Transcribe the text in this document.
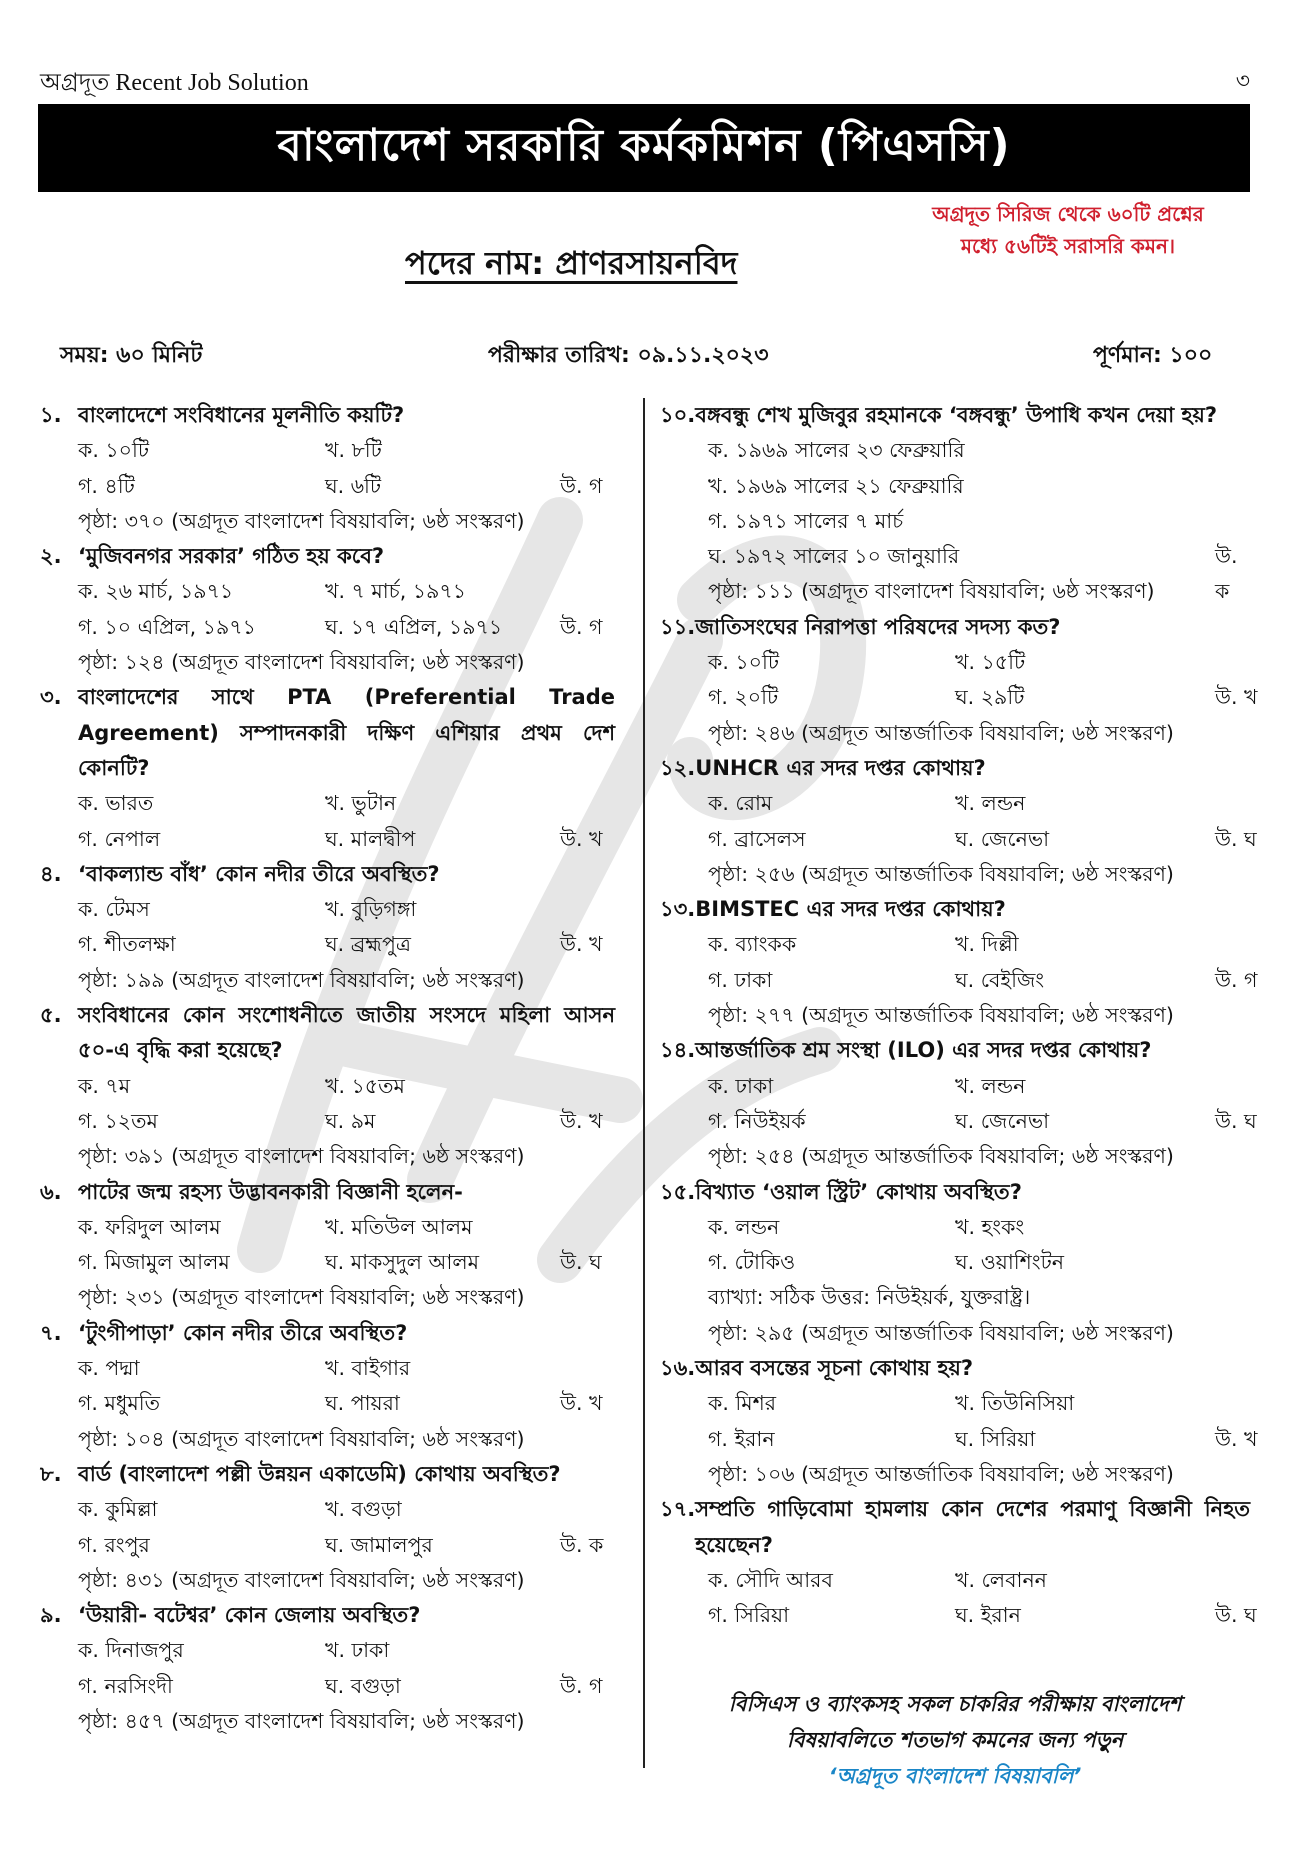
অগ্রদূত Recent Job Solution	৩
বাংলাদেশ সরকারি কর্মকমিশন (পিএসসি)
অগ্রদূত সিরিজ থেকে ৬০টি প্রশ্নের
মধ্যে ৫৬টিই সরাসরি কমন।
পদের নাম: প্রাণরসায়নবিদ
সময়: ৬০ মিনিট	পরীক্ষার তারিখ: ০৯.১১.২০২৩	পূর্ণমান: ১০০
১. বাংলাদেশে সংবিধানের মূলনীতি কয়টি?
ক. ১০টি	খ. ৮টি
গ. ৪টি	ঘ. ৬টি	উ. গ
পৃষ্ঠা: ৩৭০ (অগ্রদূত বাংলাদেশ বিষয়াবলি; ৬ষ্ঠ সংস্করণ)
২. ‘মুজিবনগর সরকার’ গঠিত হয় কবে?
ক. ২৬ মার্চ, ১৯৭১	খ. ৭ মার্চ, ১৯৭১
গ. ১০ এপ্রিল, ১৯৭১	ঘ. ১৭ এপ্রিল, ১৯৭১	উ. গ
পৃষ্ঠা: ১২৪ (অগ্রদূত বাংলাদেশ বিষয়াবলি; ৬ষ্ঠ সংস্করণ)
৩. বাংলাদেশের সাথে PTA (Preferential Trade Agreement) সম্পাদনকারী দক্ষিণ এশিয়ার প্রথম দেশ কোনটি?
ক. ভারত	খ. ভুটান
গ. নেপাল	ঘ. মালদ্বীপ	উ. খ
৪. ‘বাকল্যান্ড বাঁধ’ কোন নদীর তীরে অবস্থিত?
ক. টেমস	খ. বুড়িগঙ্গা
গ. শীতলক্ষা	ঘ. ব্রহ্মপুত্র	উ. খ
পৃষ্ঠা: ১৯৯ (অগ্রদূত বাংলাদেশ বিষয়াবলি; ৬ষ্ঠ সংস্করণ)
৫. সংবিধানের কোন সংশোধনীতে জাতীয় সংসদে মহিলা আসন ৫০-এ বৃদ্ধি করা হয়েছে?
ক. ৭ম	খ. ১৫তম
গ. ১২তম	ঘ. ৯ম	উ. খ
পৃষ্ঠা: ৩৯১ (অগ্রদূত বাংলাদেশ বিষয়াবলি; ৬ষ্ঠ সংস্করণ)
৬. পাটের জন্ম রহস্য উদ্ভাবনকারী বিজ্ঞানী হলেন-
ক. ফরিদুল আলম	খ. মতিউল আলম
গ. মিজামুল আলম	ঘ. মাকসুদুল আলম	উ. ঘ
পৃষ্ঠা: ২৩১ (অগ্রদূত বাংলাদেশ বিষয়াবলি; ৬ষ্ঠ সংস্করণ)
৭. ‘টুংগীপাড়া’ কোন নদীর তীরে অবস্থিত?
ক. পদ্মা	খ. বাইগার
গ. মধুমতি	ঘ. পায়রা	উ. খ
পৃষ্ঠা: ১০৪ (অগ্রদূত বাংলাদেশ বিষয়াবলি; ৬ষ্ঠ সংস্করণ)
৮. বার্ড (বাংলাদেশ পল্লী উন্নয়ন একাডেমি) কোথায় অবস্থিত?
ক. কুমিল্লা	খ. বগুড়া
গ. রংপুর	ঘ. জামালপুর	উ. ক
পৃষ্ঠা: ৪৩১ (অগ্রদূত বাংলাদেশ বিষয়াবলি; ৬ষ্ঠ সংস্করণ)
৯. ‘উয়ারী- বটেশ্বর’ কোন জেলায় অবস্থিত?
ক. দিনাজপুর	খ. ঢাকা
গ. নরসিংদী	ঘ. বগুড়া	উ. গ
পৃষ্ঠা: ৪৫৭ (অগ্রদূত বাংলাদেশ বিষয়াবলি; ৬ষ্ঠ সংস্করণ)
১০. বঙ্গবন্ধু শেখ মুজিবুর রহমানকে ‘বঙ্গবন্ধু’ উপাধি কখন দেয়া হয়?
ক. ১৯৬৯ সালের ২৩ ফেব্রুয়ারি
খ. ১৯৬৯ সালের ২১ ফেব্রুয়ারি
গ. ১৯৭১ সালের ৭ মার্চ
ঘ. ১৯৭২ সালের ১০ জানুয়ারি	উ. ক
পৃষ্ঠা: ১১১ (অগ্রদূত বাংলাদেশ বিষয়াবলি; ৬ষ্ঠ সংস্করণ)
১১. জাতিসংঘের নিরাপত্তা পরিষদের সদস্য কত?
ক. ১০টি	খ. ১৫টি
গ. ২০টি	ঘ. ২৯টি	উ. খ
পৃষ্ঠা: ২৪৬ (অগ্রদূত আন্তর্জাতিক বিষয়াবলি; ৬ষ্ঠ সংস্করণ)
১২. UNHCR এর সদর দপ্তর কোথায়?
ক. রোম	খ. লন্ডন
গ. ব্রাসেলস	ঘ. জেনেভা	উ. ঘ
পৃষ্ঠা: ২৫৬ (অগ্রদূত আন্তর্জাতিক বিষয়াবলি; ৬ষ্ঠ সংস্করণ)
১৩. BIMSTEC এর সদর দপ্তর কোথায়?
ক. ব্যাংকক	খ. দিল্লী
গ. ঢাকা	ঘ. বেইজিং	উ. গ
পৃষ্ঠা: ২৭৭ (অগ্রদূত আন্তর্জাতিক বিষয়াবলি; ৬ষ্ঠ সংস্করণ)
১৪. আন্তর্জাতিক শ্রম সংস্থা (ILO) এর সদর দপ্তর কোথায়?
ক. ঢাকা	খ. লন্ডন
গ. নিউইয়র্ক	ঘ. জেনেভা	উ. ঘ
পৃষ্ঠা: ২৫৪ (অগ্রদূত আন্তর্জাতিক বিষয়াবলি; ৬ষ্ঠ সংস্করণ)
১৫. বিখ্যাত ‘ওয়াল স্ট্রিট’ কোথায় অবস্থিত?
ক. লন্ডন	খ. হংকং
গ. টোকিও	ঘ. ওয়াশিংটন
ব্যাখ্যা: সঠিক উত্তর: নিউইয়র্ক, যুক্তরাষ্ট্র।
পৃষ্ঠা: ২৯৫ (অগ্রদূত আন্তর্জাতিক বিষয়াবলি; ৬ষ্ঠ সংস্করণ)
১৬. আরব বসন্তের সূচনা কোথায় হয়?
ক. মিশর	খ. তিউনিসিয়া
গ. ইরান	ঘ. সিরিয়া	উ. খ
পৃষ্ঠা: ১০৬ (অগ্রদূত আন্তর্জাতিক বিষয়াবলি; ৬ষ্ঠ সংস্করণ)
১৭. সম্প্রতি গাড়িবোমা হামলায় কোন দেশের পরমাণু বিজ্ঞানী নিহত হয়েছেন?
ক. সৌদি আরব	খ. লেবানন
গ. সিরিয়া	ঘ. ইরান	উ. ঘ
বিসিএস ও ব্যাংকসহ সকল চাকরির পরীক্ষায় বাংলাদেশ
বিষয়াবলিতে শতভাগ কমনের জন্য পড়ুন
‘অগ্রদূত বাংলাদেশ বিষয়াবলি’
